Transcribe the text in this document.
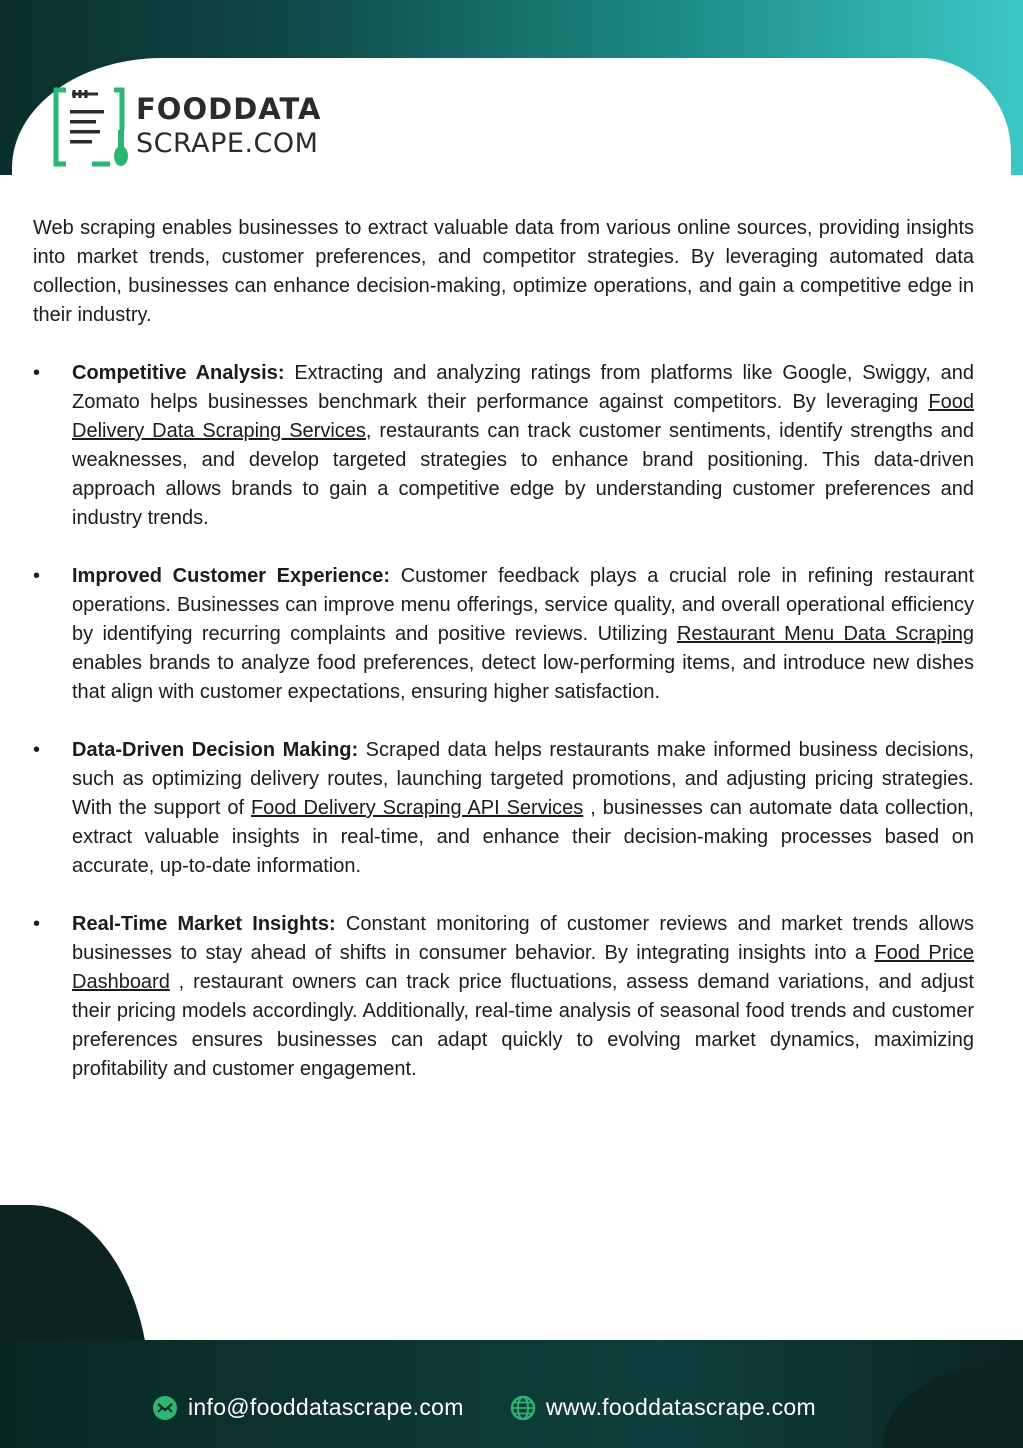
FOODDATA
SCRAPE.COM

Web scraping enables businesses to extract valuable data from various online sources, providing insights into market trends, customer preferences, and competitor strategies. By leveraging automated data collection, businesses can enhance decision-making, optimize operations, and gain a competitive edge in their industry.

• Competitive Analysis: Extracting and analyzing ratings from platforms like Google, Swiggy, and Zomato helps businesses benchmark their performance against competitors. By leveraging Food Delivery Data Scraping Services, restaurants can track customer sentiments, identify strengths and weaknesses, and develop targeted strategies to enhance brand positioning. This data-driven approach allows brands to gain a competitive edge by understanding customer preferences and industry trends.
• Improved Customer Experience: Customer feedback plays a crucial role in refining restaurant operations. Businesses can improve menu offerings, service quality, and overall operational efficiency by identifying recurring complaints and positive reviews. Utilizing Restaurant Menu Data Scraping enables brands to analyze food preferences, detect low-performing items, and introduce new dishes that align with customer expectations, ensuring higher satisfaction.
• Data-Driven Decision Making: Scraped data helps restaurants make informed business decisions, such as optimizing delivery routes, launching targeted promotions, and adjusting pricing strategies. With the support of Food Delivery Scraping API Services , businesses can automate data collection, extract valuable insights in real-time, and enhance their decision-making processes based on accurate, up-to-date information.
• Real-Time Market Insights: Constant monitoring of customer reviews and market trends allows businesses to stay ahead of shifts in consumer behavior. By integrating insights into a Food Price Dashboard , restaurant owners can track price fluctuations, assess demand variations, and adjust their pricing models accordingly. Additionally, real-time analysis of seasonal food trends and customer preferences ensures businesses can adapt quickly to evolving market dynamics, maximizing profitability and customer engagement.
info@fooddatascrape.com	www.fooddatascrape.com
